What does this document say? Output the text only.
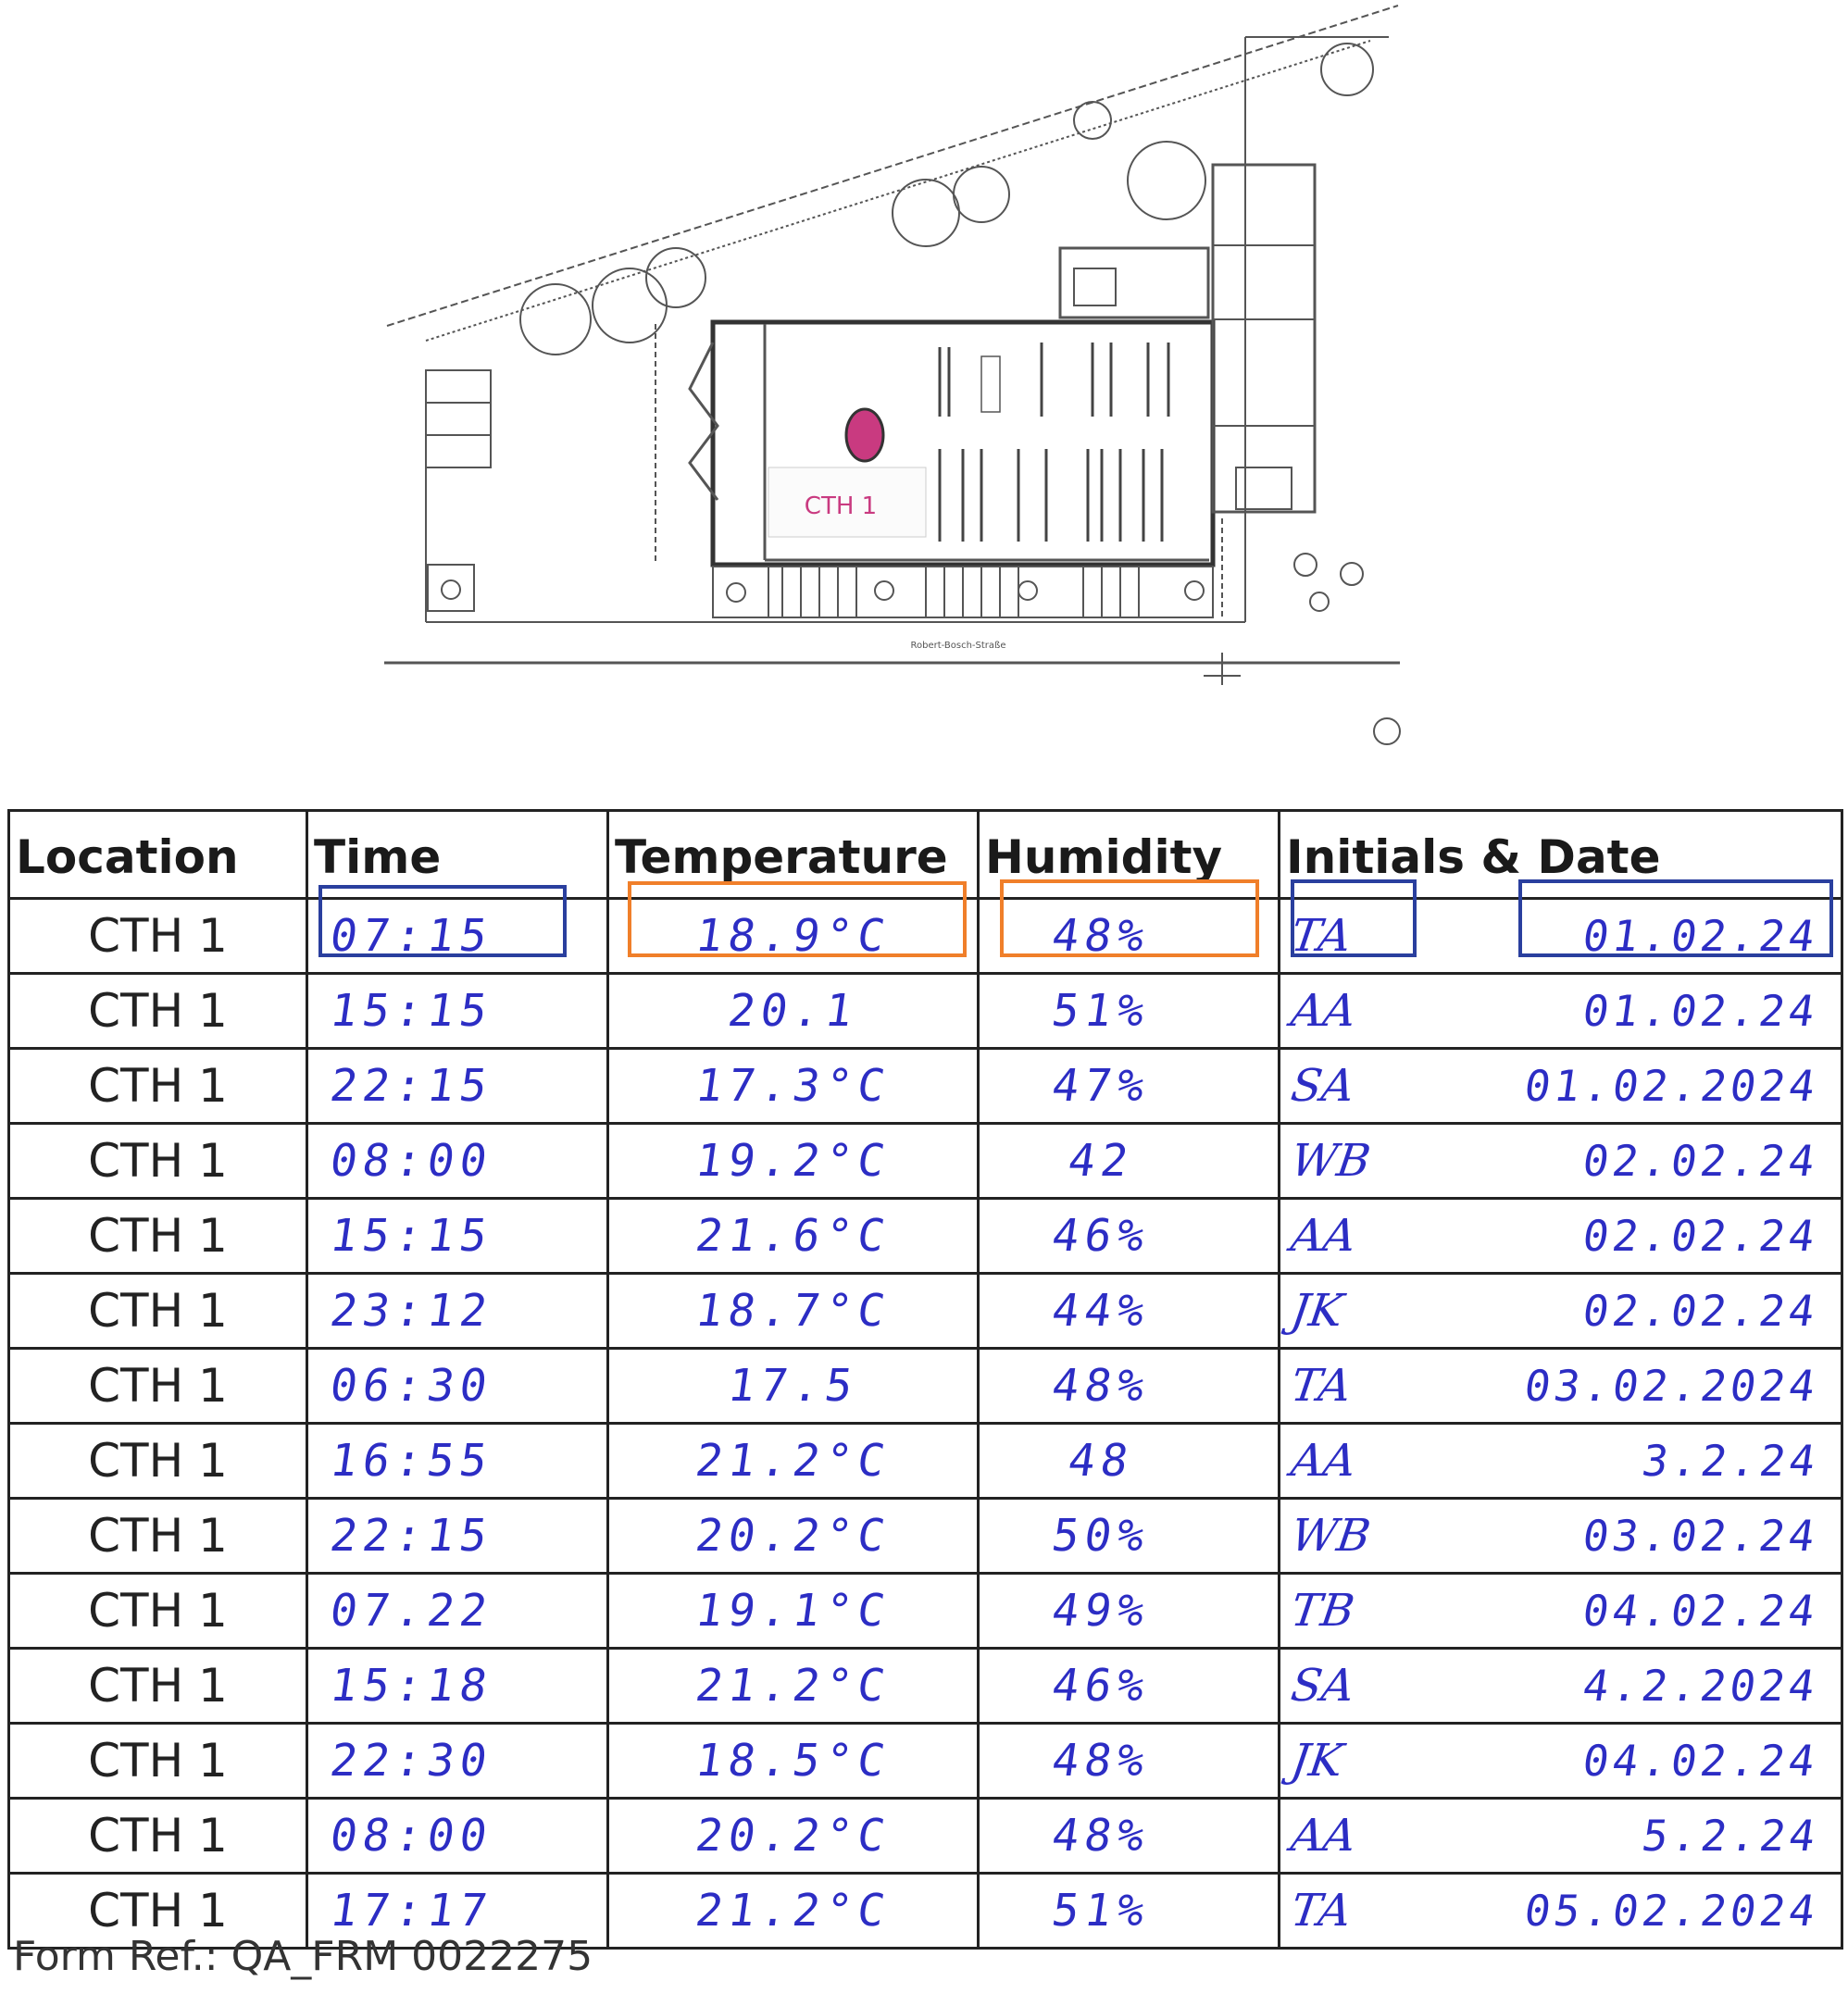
CTH 1
Robert-Bosch-Straße
Location	Time	Temperature	Humidity	Initials & Date
CTH 1	07:15	18.9°C	48%	TA 01.02.24

CTH 1	15:15	20.1	51%	AA 01.02.24

CTH 1	22:15	17.3°C	47%	SA 01.02.2024

CTH 1	08:00	19.2°C	42	WB 02.02.24

CTH 1	15:15	21.6°C	46%	AA 02.02.24

CTH 1	23:12	18.7°C	44%	JK 02.02.24

CTH 1	06:30	17.5	48%	TA 03.02.2024

CTH 1	16:55	21.2°C	48	AA 3.2.24

CTH 1	22:15	20.2°C	50%	WB 03.02.24

CTH 1	07.22	19.1°C	49%	TB 04.02.24

CTH 1	15:18	21.2°C	46%	SA 4.2.2024

CTH 1	22:30	18.5°C	48%	JK 04.02.24

CTH 1	08:00	20.2°C	48%	AA 5.2.24

CTH 1	17:17	21.2°C	51%	TA 05.02.2024
Form Ref.: QA_FRM 0022275
